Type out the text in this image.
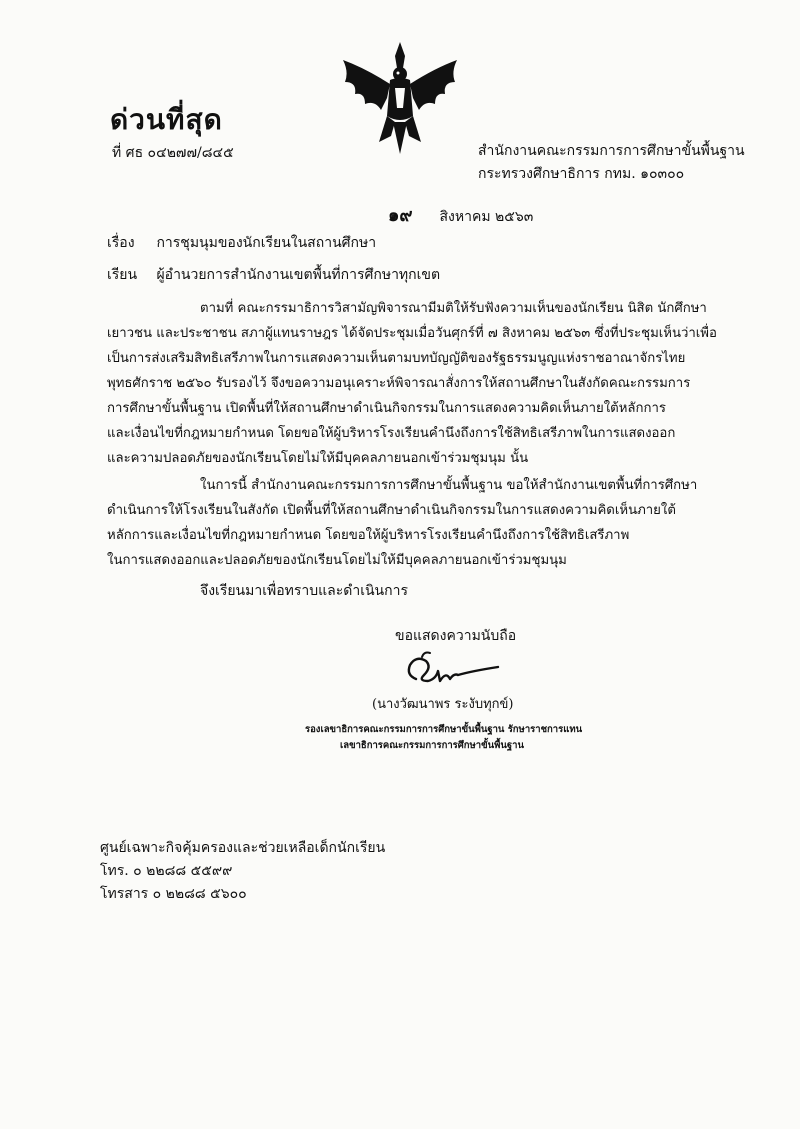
ด่วนที่สุด
ที่ ศธ ๐๔๒๗๗/๘๔๕	สำนักงานคณะกรรมการการศึกษาขั้นพื้นฐาน
กระทรวงศึกษาธิการ กทม. ๑๐๓๐๐
๑๙ สิงหาคม ๒๕๖๓
เรื่อง การชุมนุมของนักเรียนในสถานศึกษา
เรียน ผู้อำนวยการสำนักงานเขตพื้นที่การศึกษาทุกเขต
ตามที่ คณะกรรมาธิการวิสามัญพิจารณามีมติให้รับฟังความเห็นของนักเรียน นิสิต นักศึกษา
เยาวชน และประชาชน สภาผู้แทนราษฎร ได้จัดประชุมเมื่อวันศุกร์ที่ ๗ สิงหาคม ๒๕๖๓ ซึ่งที่ประชุมเห็นว่าเพื่อ
เป็นการส่งเสริมสิทธิเสรีภาพในการแสดงความเห็นตามบทบัญญัติของรัฐธรรมนูญแห่งราชอาณาจักรไทย
พุทธศักราช ๒๕๖๐ รับรองไว้ จึงขอความอนุเคราะห์พิจารณาสั่งการให้สถานศึกษาในสังกัดคณะกรรมการ
การศึกษาขั้นพื้นฐาน เปิดพื้นที่ให้สถานศึกษาดำเนินกิจกรรมในการแสดงความคิดเห็นภายใต้หลักการ
และเงื่อนไขที่กฎหมายกำหนด โดยขอให้ผู้บริหารโรงเรียนคำนึงถึงการใช้สิทธิเสรีภาพในการแสดงออก
และความปลอดภัยของนักเรียนโดยไม่ให้มีบุคคลภายนอกเข้าร่วมชุมนุม นั้น
ในการนี้ สำนักงานคณะกรรมการการศึกษาขั้นพื้นฐาน ขอให้สำนักงานเขตพื้นที่การศึกษา
ดำเนินการให้โรงเรียนในสังกัด เปิดพื้นที่ให้สถานศึกษาดำเนินกิจกรรมในการแสดงความคิดเห็นภายใต้
หลักการและเงื่อนไขที่กฎหมายกำหนด โดยขอให้ผู้บริหารโรงเรียนคำนึงถึงการใช้สิทธิเสรีภาพ
ในการแสดงออกและปลอดภัยของนักเรียนโดยไม่ให้มีบุคคลภายนอกเข้าร่วมชุมนุม
จึงเรียนมาเพื่อทราบและดำเนินการ
ขอแสดงความนับถือ
(นางวัฒนาพร ระงับทุกข์)
รองเลขาธิการคณะกรรมการการศึกษาขั้นพื้นฐาน รักษาราชการแทน
เลขาธิการคณะกรรมการการศึกษาขั้นพื้นฐาน
ศูนย์เฉพาะกิจคุ้มครองและช่วยเหลือเด็กนักเรียน
โทร. ๐ ๒๒๘๘ ๕๕๙๙
โทรสาร ๐ ๒๒๘๘ ๕๖๐๐
